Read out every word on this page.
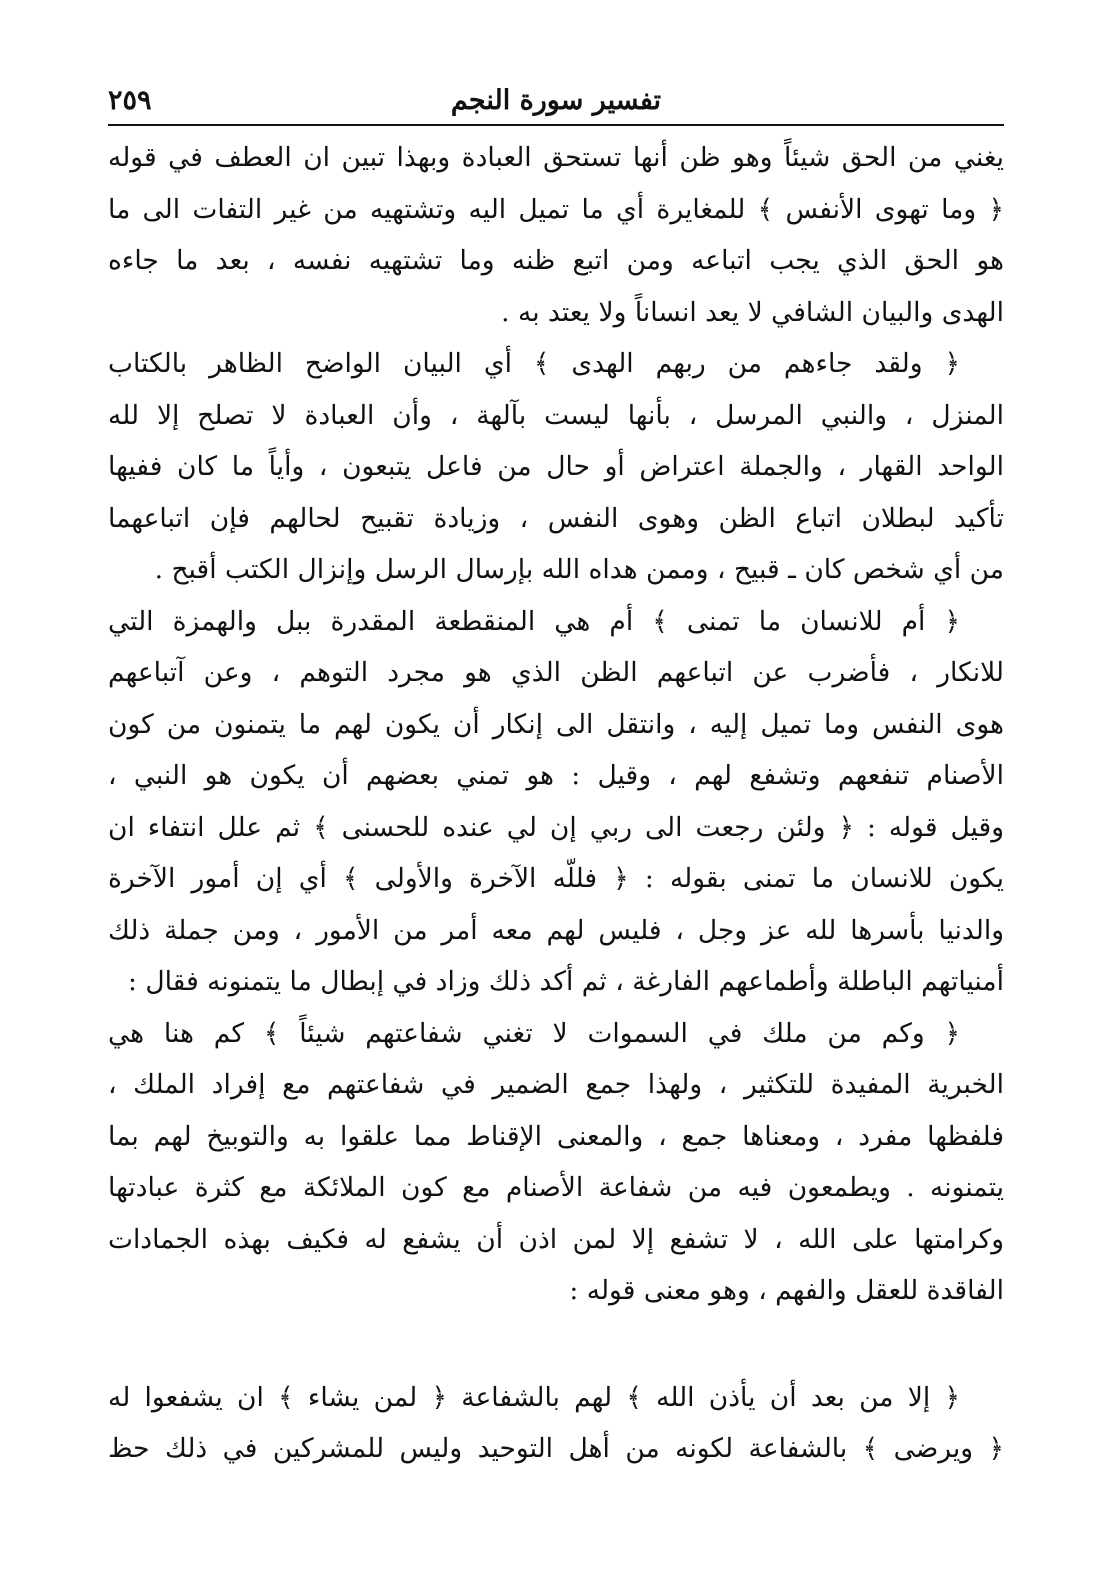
٢٥٩	تفسير سورة النجم
يغني من الحق شيئاً وهو ظن أنها تستحق العبادة وبهذا تبين ان العطف في قوله
﴿ وما تهوى الأنفس ﴾ للمغايرة أي ما تميل اليه وتشتهيه من غير التفات الى ما
هو الحق الذي يجب اتباعه ومن اتبع ظنه وما تشتهيه نفسه ، بعد ما جاءه
الهدى والبيان الشافي لا يعد انساناً ولا يعتد به .
﴿ ولقد جاءهم من ربهم الهدى ﴾ أي البيان الواضح الظاهر بالكتاب
المنزل ، والنبي المرسل ، بأنها ليست بآلهة ، وأن العبادة لا تصلح إلا لله
الواحد القهار ، والجملة اعتراض أو حال من فاعل يتبعون ، وأياً ما كان ففيها
تأكيد لبطلان اتباع الظن وهوى النفس ، وزيادة تقبيح لحالهم فإن اتباعهما
من أي شخص كان ـ قبيح ، وممن هداه الله بإرسال الرسل وإنزال الكتب أقبح .
﴿ أم للانسان ما تمنى ﴾ أم هي المنقطعة المقدرة ببل والهمزة التي
للانكار ، فأضرب عن اتباعهم الظن الذي هو مجرد التوهم ، وعن آتباعهم
هوى النفس وما تميل إليه ، وانتقل الى إنكار أن يكون لهم ما يتمنون من كون
الأصنام تنفعهم وتشفع لهم ، وقيل : هو تمني بعضهم أن يكون هو النبي ،
وقيل قوله : ﴿ ولئن رجعت الى ربي إن لي عنده للحسنى ﴾ ثم علل انتفاء ان
يكون للانسان ما تمنى بقوله : ﴿ فللّه الآخرة والأولى ﴾ أي إن أمور الآخرة
والدنيا بأسرها لله عز وجل ، فليس لهم معه أمر من الأمور ، ومن جملة ذلك
أمنياتهم الباطلة وأطماعهم الفارغة ، ثم أكد ذلك وزاد في إبطال ما يتمنونه فقال :
﴿ وكم من ملك في السموات لا تغني شفاعتهم شيئاً ﴾ كم هنا هي
الخبرية المفيدة للتكثير ، ولهذا جمع الضمير في شفاعتهم مع إفراد الملك ،
فلفظها مفرد ، ومعناها جمع ، والمعنى الإقناط مما علقوا به والتوبيخ لهم بما
يتمنونه . ويطمعون فيه من شفاعة الأصنام مع كون الملائكة مع كثرة عبادتها
وكرامتها على الله ، لا تشفع إلا لمن اذن أن يشفع له فكيف بهذه الجمادات
الفاقدة للعقل والفهم ، وهو معنى قوله :
﴿ إلا من بعد أن يأذن الله ﴾ لهم بالشفاعة ﴿ لمن يشاء ﴾ ان يشفعوا له
﴿ ويرضى ﴾ بالشفاعة لكونه من أهل التوحيد وليس للمشركين في ذلك حظ
